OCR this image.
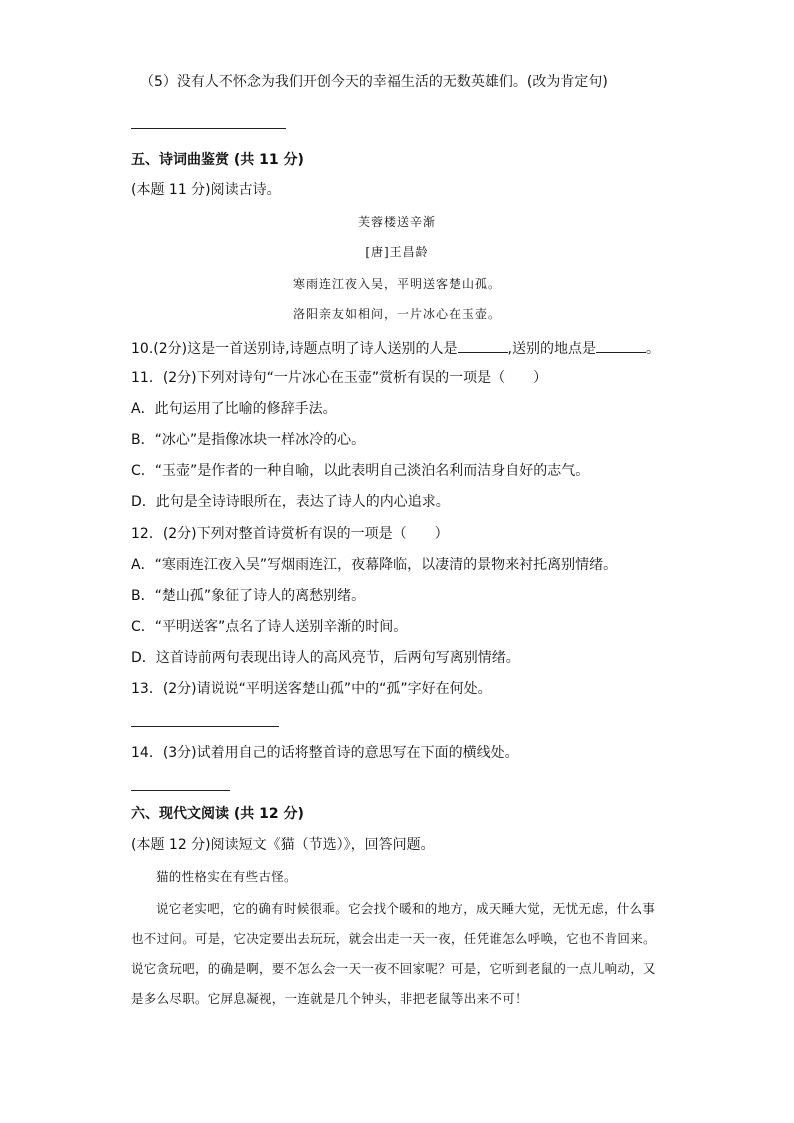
（5）没有人不怀念为我们开创今天的幸福生活的无数英雄们。(改为肯定句)
五、诗词曲鉴赏 (共 11 分)
(本题 11 分)阅读古诗。
芙蓉楼送辛渐
[唐]王昌龄
寒雨连江夜入吴，平明送客楚山孤。
洛阳亲友如相问，一片冰心在玉壶。
10.(2分)这是一首送别诗,诗题点明了诗人送别的人是	,送别的地点是	。
11．(2分)下列对诗句“一片冰心在玉壶”赏析有误的一项是（　　）
A．此句运用了比喻的修辞手法。
B．“冰心”是指像冰块一样冰冷的心。
C．“玉壶”是作者的一种自喻，以此表明自己淡泊名利而洁身自好的志气。
D．此句是全诗诗眼所在，表达了诗人的内心追求。
12．(2分)下列对整首诗赏析有误的一项是（　　）
A．“寒雨连江夜入吴”写烟雨连江，夜幕降临，以凄清的景物来衬托离别情绪。
B．“楚山孤”象征了诗人的离愁别绪。
C．“平明送客”点名了诗人送别辛渐的时间。
D．这首诗前两句表现出诗人的高风亮节，后两句写离别情绪。
13．(2分)请说说“平明送客楚山孤”中的“孤”字好在何处。
14．(3分)试着用自己的话将整首诗的意思写在下面的横线处。
六、现代文阅读 (共 12 分)
(本题 12 分)阅读短文《猫（节选）》，回答问题。
猫的性格实在有些古怪。
说它老实吧，它的确有时候很乖。它会找个暖和的地方，成天睡大觉，无忧无虑，什么事也不过问。可是，它决定要出去玩玩，就会出走一天一夜，任凭谁怎么呼唤，它也不肯回来。说它贪玩吧，的确是啊，要不怎么会一天一夜不回家呢？可是，它听到老鼠的一点儿响动，又是多么尽职。它屏息凝视，一连就是几个钟头，非把老鼠等出来不可！
